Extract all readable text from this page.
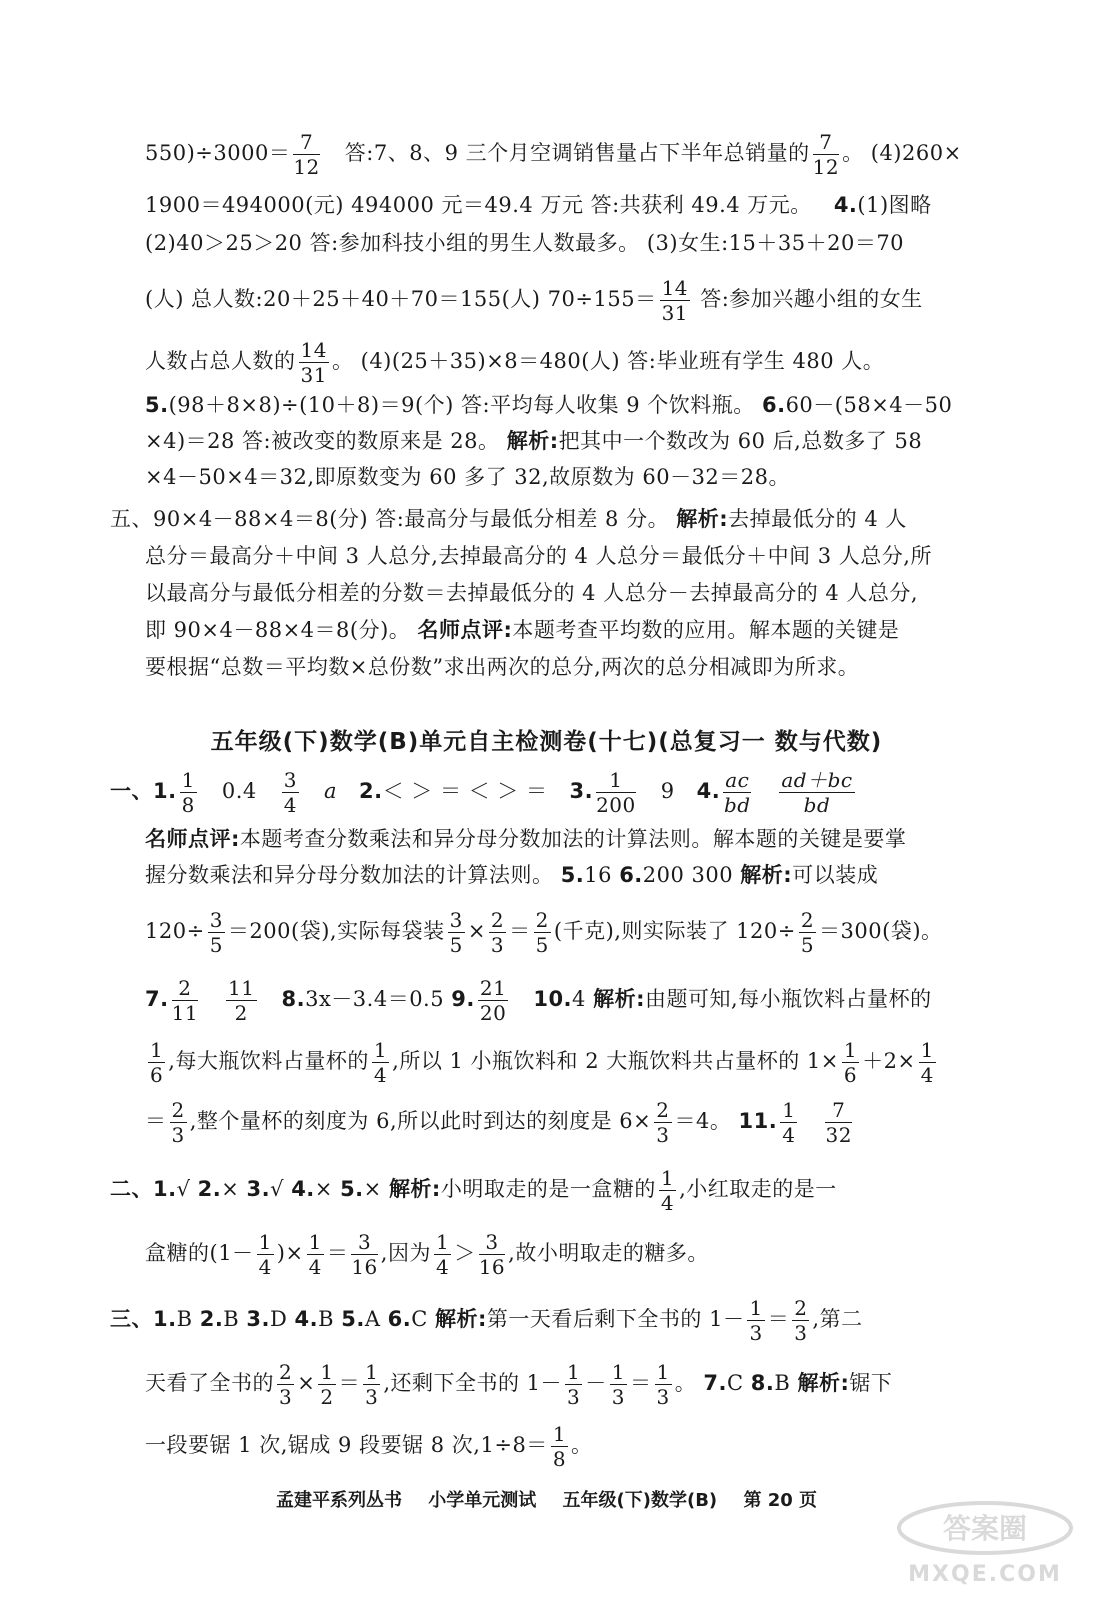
$550)\div 3000= \frac{7}{12}$ 答:7、8、9 三个月空调销售量占下半年总销量的 $\frac{7}{12}$ 。 (4)260×
1900＝494000(元) 494000 元＝49.4 万元 答:共获利 49.4 万元。 4.(1)图略
(2)40＞25＞20 答:参加科技小组的男生人数最多。 (3)女生:15＋35＋20＝70
(人) 总人数:20＋25＋40＋70＝155(人) $70\div 155= \frac{14}{31}$ 答:参加兴趣小组的女生
人数占总人数的 $\frac{14}{31}$ 。 (4)(25＋35)×8＝480(人) 答:毕业班有学生 480 人。
5.(98＋8×8)÷(10＋8)＝9(个) 答:平均每人收集 9 个饮料瓶。 6.60－(58×4－50
×4)＝28 答:被改变的数原来是 28。 解析:把其中一个数改为 60 后,总数多了 58
×4－50×4＝32,即原数变为 60 多了 32,故原数为 60－32＝28。
五、90×4－88×4＝8(分) 答:最高分与最低分相差 8 分。 解析:去掉最低分的 4 人
总分＝最高分＋中间 3 人总分,去掉最高分的 4 人总分＝最低分＋中间 3 人总分,所
以最高分与最低分相差的分数＝去掉最低分的 4 人总分－去掉最高分的 4 人总分,
即 90×4－88×4＝8(分)。 名师点评:本题考查平均数的应用。解本题的关键是
要根据“总数＝平均数×总份数”求出两次的总分,两次的总分相减即为所求。
五年级(下)数学(B)单元自主检测卷(十七)(总复习一 数与代数)
一、1. $\frac{1}{8} 0.4 \frac{3}{4}$ a 2.＜ ＞ ＝ ＜ ＞ ＝ 3. $\frac{1}{200} 9$ 4. $\frac{ac}{bd} \frac{ad+bc}{bd}$
名师点评:本题考查分数乘法和异分母分数加法的计算法则。解本题的关键是要掌
握分数乘法和异分母分数加法的计算法则。 5.16 6.200 300 解析:可以装成
$120\div \frac{3}{5} =200$(袋),实际每袋装 $\frac{3}{5} \times \frac{2}{3} = \frac{2}{5}$ (千克),则实际装了 $120\div \frac{2}{5} =300$(袋)。
7. $\frac{2}{11} \frac{11}{2} 8.3x-3.4=0.5$ 9. $\frac{21}{20} 10.4$ 解析:由题可知,每小瓶饮料占量杯的
$\frac{1}{6}$ ,每大瓶饮料占量杯的 $\frac{1}{4}$ ,所以 1 小瓶饮料和 2 大瓶饮料共占量杯的 $1\times \frac{1}{6} +2\times \frac{1}{4}$
＝ $\frac{2}{3}$ ,整个量杯的刻度为 6,所以此时到达的刻度是 $6\times \frac{2}{3} =4$。 11. $\frac{1}{4} \frac{7}{32}$
二、1.√ 2.× 3.√ 4.× 5.× 解析:小明取走的是一盒糖的 $\frac{1}{4}$ ,小红取走的是一
盒糖的($1- \frac{1}{4}$ )× $\frac{1}{4} = \frac{3}{16}$ ,因为 $\frac{1}{4} > \frac{3}{16}$ ,故小明取走的糖多。
三、1.B 2.B 3.D 4.B 5.A 6.C 解析:第一天看后剩下全书的 $1- \frac{1}{3} = \frac{2}{3}$ ,第二
天看了全书的 $\frac{2}{3} \times \frac{1}{2} = \frac{1}{3}$ ,还剩下全书的 $1- \frac{1}{3} - \frac{1}{3} = \frac{1}{3}$ 。 7.C 8.B 解析:锯下
一段要锯 1 次,锯成 9 段要锯 8 次$,1\div 8= \frac{1}{8}$ 。
孟建平系列丛书 小学单元测试 五年级(下)数学(B) 第 20 页
答案圈
MXQE.COM
